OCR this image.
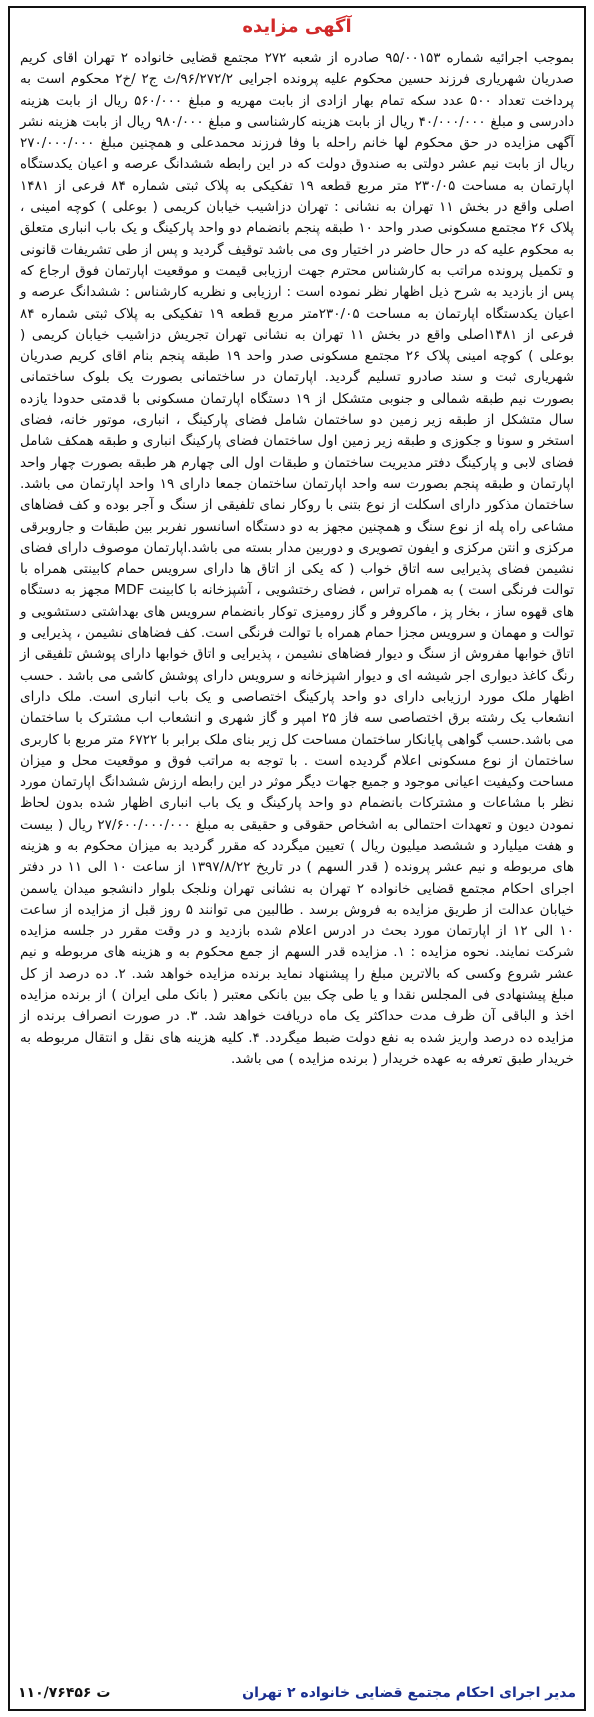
آگهی مزایده

بموجب اجرائیه شماره ۹۵/۰۰۱۵۳ صادره از شعبه ۲۷۲ مجتمع قضایی خانواده ۲ تهران اقای کریم صدریان شهریاری فرزند حسین محکوم علیه پرونده اجرایی ۹۶/۲۷۲/۲/ث ج۲ /خ۲ محکوم است به پرداخت تعداد ۵۰۰ عدد سکه تمام بهار ازادی از بابت مهریه و مبلغ ۵۶۰/۰۰۰ ریال از بابت هزینه دادرسی و مبلغ ۴۰/۰۰۰/۰۰۰ ریال از بابت هزینه کارشناسی و مبلغ ۹۸۰/۰۰۰ ریال از بابت هزینه نشر آگهی مزایده در حق محکوم لها خانم راحله با وفا فرزند محمدعلی و همچنین مبلغ ۲۷۰/۰۰۰/۰۰۰ ریال از بابت نیم عشر دولتی به صندوق دولت که در این رابطه ششدانگ عرصه و اعیان یکدستگاه اپارتمان به مساحت ۲۳۰/۰۵ متر مربع قطعه ۱۹ تفکیکی به پلاک ثبتی شماره ۸۴ فرعی از ۱۴۸۱ اصلی واقع در بخش ۱۱ تهران به نشانی : تهران دزاشیب خیابان کریمی ( بوعلی ) کوچه امینی ، پلاک ۲۶ مجتمع مسکونی صدر واحد ۱۰ طبقه پنجم بانضمام دو واحد پارکینگ و یک باب انباری متعلق به محکوم علیه که در حال حاضر در اختیار وی می باشد توقیف گردید و پس از طی تشریفات قانونی و تکمیل پرونده مراتب به کارشناس محترم جهت ارزیابی قیمت و موقعیت اپارتمان فوق ارجاع که پس از بازدید به شرح ذیل اظهار نظر نموده است : ارزیابی و نظریه کارشناس : ششدانگ عرصه و اعیان یکدستگاه اپارتمان به مساحت ۲۳۰/۰۵متر مربع قطعه ۱۹ تفکیکی به پلاک ثبتی شماره ۸۴ فرعی از ۱۴۸۱اصلی واقع در بخش ۱۱ تهران به نشانی تهران تجریش دزاشیب خیابان کریمی ( بوعلی ) کوچه امینی پلاک ۲۶ مجتمع مسکونی صدر واحد ۱۹ طبقه پنجم بنام اقای کریم صدریان شهریاری ثبت و سند صادرو تسلیم گردید. اپارتمان در ساختمانی بصورت یک بلوک ساختمانی بصورت نیم طبقه شمالی و جنوبی متشکل از ۱۹ دستگاه اپارتمان مسکونی با قدمتی حدودا یازده سال متشکل از طبقه زیر زمین دو ساختمان شامل فضای پارکینگ ، انباری، موتور خانه، فضای استخر و سونا و جکوزی و طبقه زیر زمین اول ساختمان فضای پارکینگ انباری و طبقه همکف شامل فضای لابی و پارکینگ دفتر مدیریت ساختمان و طبقات اول الی چهارم هر طبقه بصورت چهار واحد اپارتمان و طبقه پنجم بصورت سه واحد اپارتمان ساختمان جمعا دارای ۱۹ واحد اپارتمان می باشد. ساختمان مذکور دارای اسکلت از نوع بتنی با روکار نمای تلفیقی از سنگ و آجر بوده و کف فضاهای مشاعی راه پله از نوع سنگ و همچنین مجهز به دو دستگاه اسانسور نفربر بین طبقات و جاروبرقی مرکزی و انتن مرکزی و ایفون تصویری و دوربین مدار بسته می باشد.اپارتمان موصوف دارای فضای نشیمن فضای پذیرایی سه اتاق خواب ( که یکی از اتاق ها دارای سرویس حمام کابینتی همراه با توالت فرنگی است ) به همراه تراس ، فضای رختشویی ، آشپزخانه با کابینت MDF مجهز به دستگاه های قهوه ساز ، بخار پز ، ماکروفر و گاز رومیزی توکار بانضمام سرویس های بهداشتی دستشویی و توالت و مهمان و سرویس مجزا حمام همراه با توالت فرنگی است. کف فضاهای نشیمن ، پذیرایی و اتاق خوابها مفروش از سنگ و دیوار فضاهای نشیمن ، پذیرایی و اتاق خوابها دارای پوشش تلفیقی از رنگ کاغذ دیواری اجر شیشه ای و دیوار اشپزخانه و سرویس دارای پوشش کاشی می باشد . حسب اظهار ملک مورد ارزیابی دارای دو واحد پارکینگ اختصاصی و یک باب انباری است. ملک دارای انشعاب یک رشته برق اختصاصی سه فاز ۲۵ امپر و گاز شهری و انشعاب اب مشترک با ساختمان می باشد.حسب گواهی پایانکار ساختمان مساحت کل زیر بنای ملک برابر با ۶۷۲۲ متر مربع با کاربری ساختمان از نوع مسکونی اعلام گردیده است . با توجه به مراتب فوق و موقعیت محل و میزان مساحت وکیفیت اعیانی موجود و جمیع جهات دیگر موثر در این رابطه ارزش ششدانگ اپارتمان مورد نظر با مشاعات و مشترکات بانضمام دو واحد پارکینگ و یک باب انباری اظهار شده بدون لحاظ نمودن دیون و تعهدات احتمالی به اشخاص حقوقی و حقیقی به مبلغ ۲۷/۶۰۰/۰۰۰/۰۰۰ ریال ( بیست و هفت میلیارد و ششصد میلیون ریال ) تعیین میگردد که مقرر گردید به میزان محکوم به و هزینه های مربوطه و نیم عشر پرونده ( قدر السهم ) در تاریخ ۱۳۹۷/۸/۲۲ از ساعت ۱۰ الی ۱۱ در دفتر اجرای احکام مجتمع قضایی خانواده ۲ تهران به نشانی تهران ونلجک بلوار دانشجو میدان یاسمن خیابان عدالت از طریق مزایده به فروش برسد . طالبین می توانند ۵ روز قبل از مزایده از ساعت ۱۰ الی ۱۲ از اپارتمان مورد بحث در ادرس اعلام شده بازدید و در وقت مقرر در جلسه مزایده شرکت نمایند. نحوه مزایده : ۱. مزایده قدر السهم از جمع محکوم به و هزینه های مربوطه و نیم عشر شروع وکسی که بالاترین مبلغ را پیشنهاد نماید برنده مزایده خواهد شد. ۲. ده درصد از کل مبلغ پیشنهادی فی المجلس نقدا و یا طی چک بین بانکی معتبر ( بانک ملی ایران ) از برنده مزایده اخذ و الباقی آن ظرف مدت حداکثر یک ماه دریافت خواهد شد. ۳. در صورت انصراف برنده از مزایده ده درصد واریز شده به نفع دولت ضبط میگردد. ۴. کلیه هزینه های نقل و انتقال مربوطه به خریدار طبق تعرفه به عهده خریدار ( برنده مزایده ) می باشد.

مدیر اجرای احکام مجتمع قضایی خانواده ۲ تهران
۱۱۰/۷۶۴۵۶ ت
